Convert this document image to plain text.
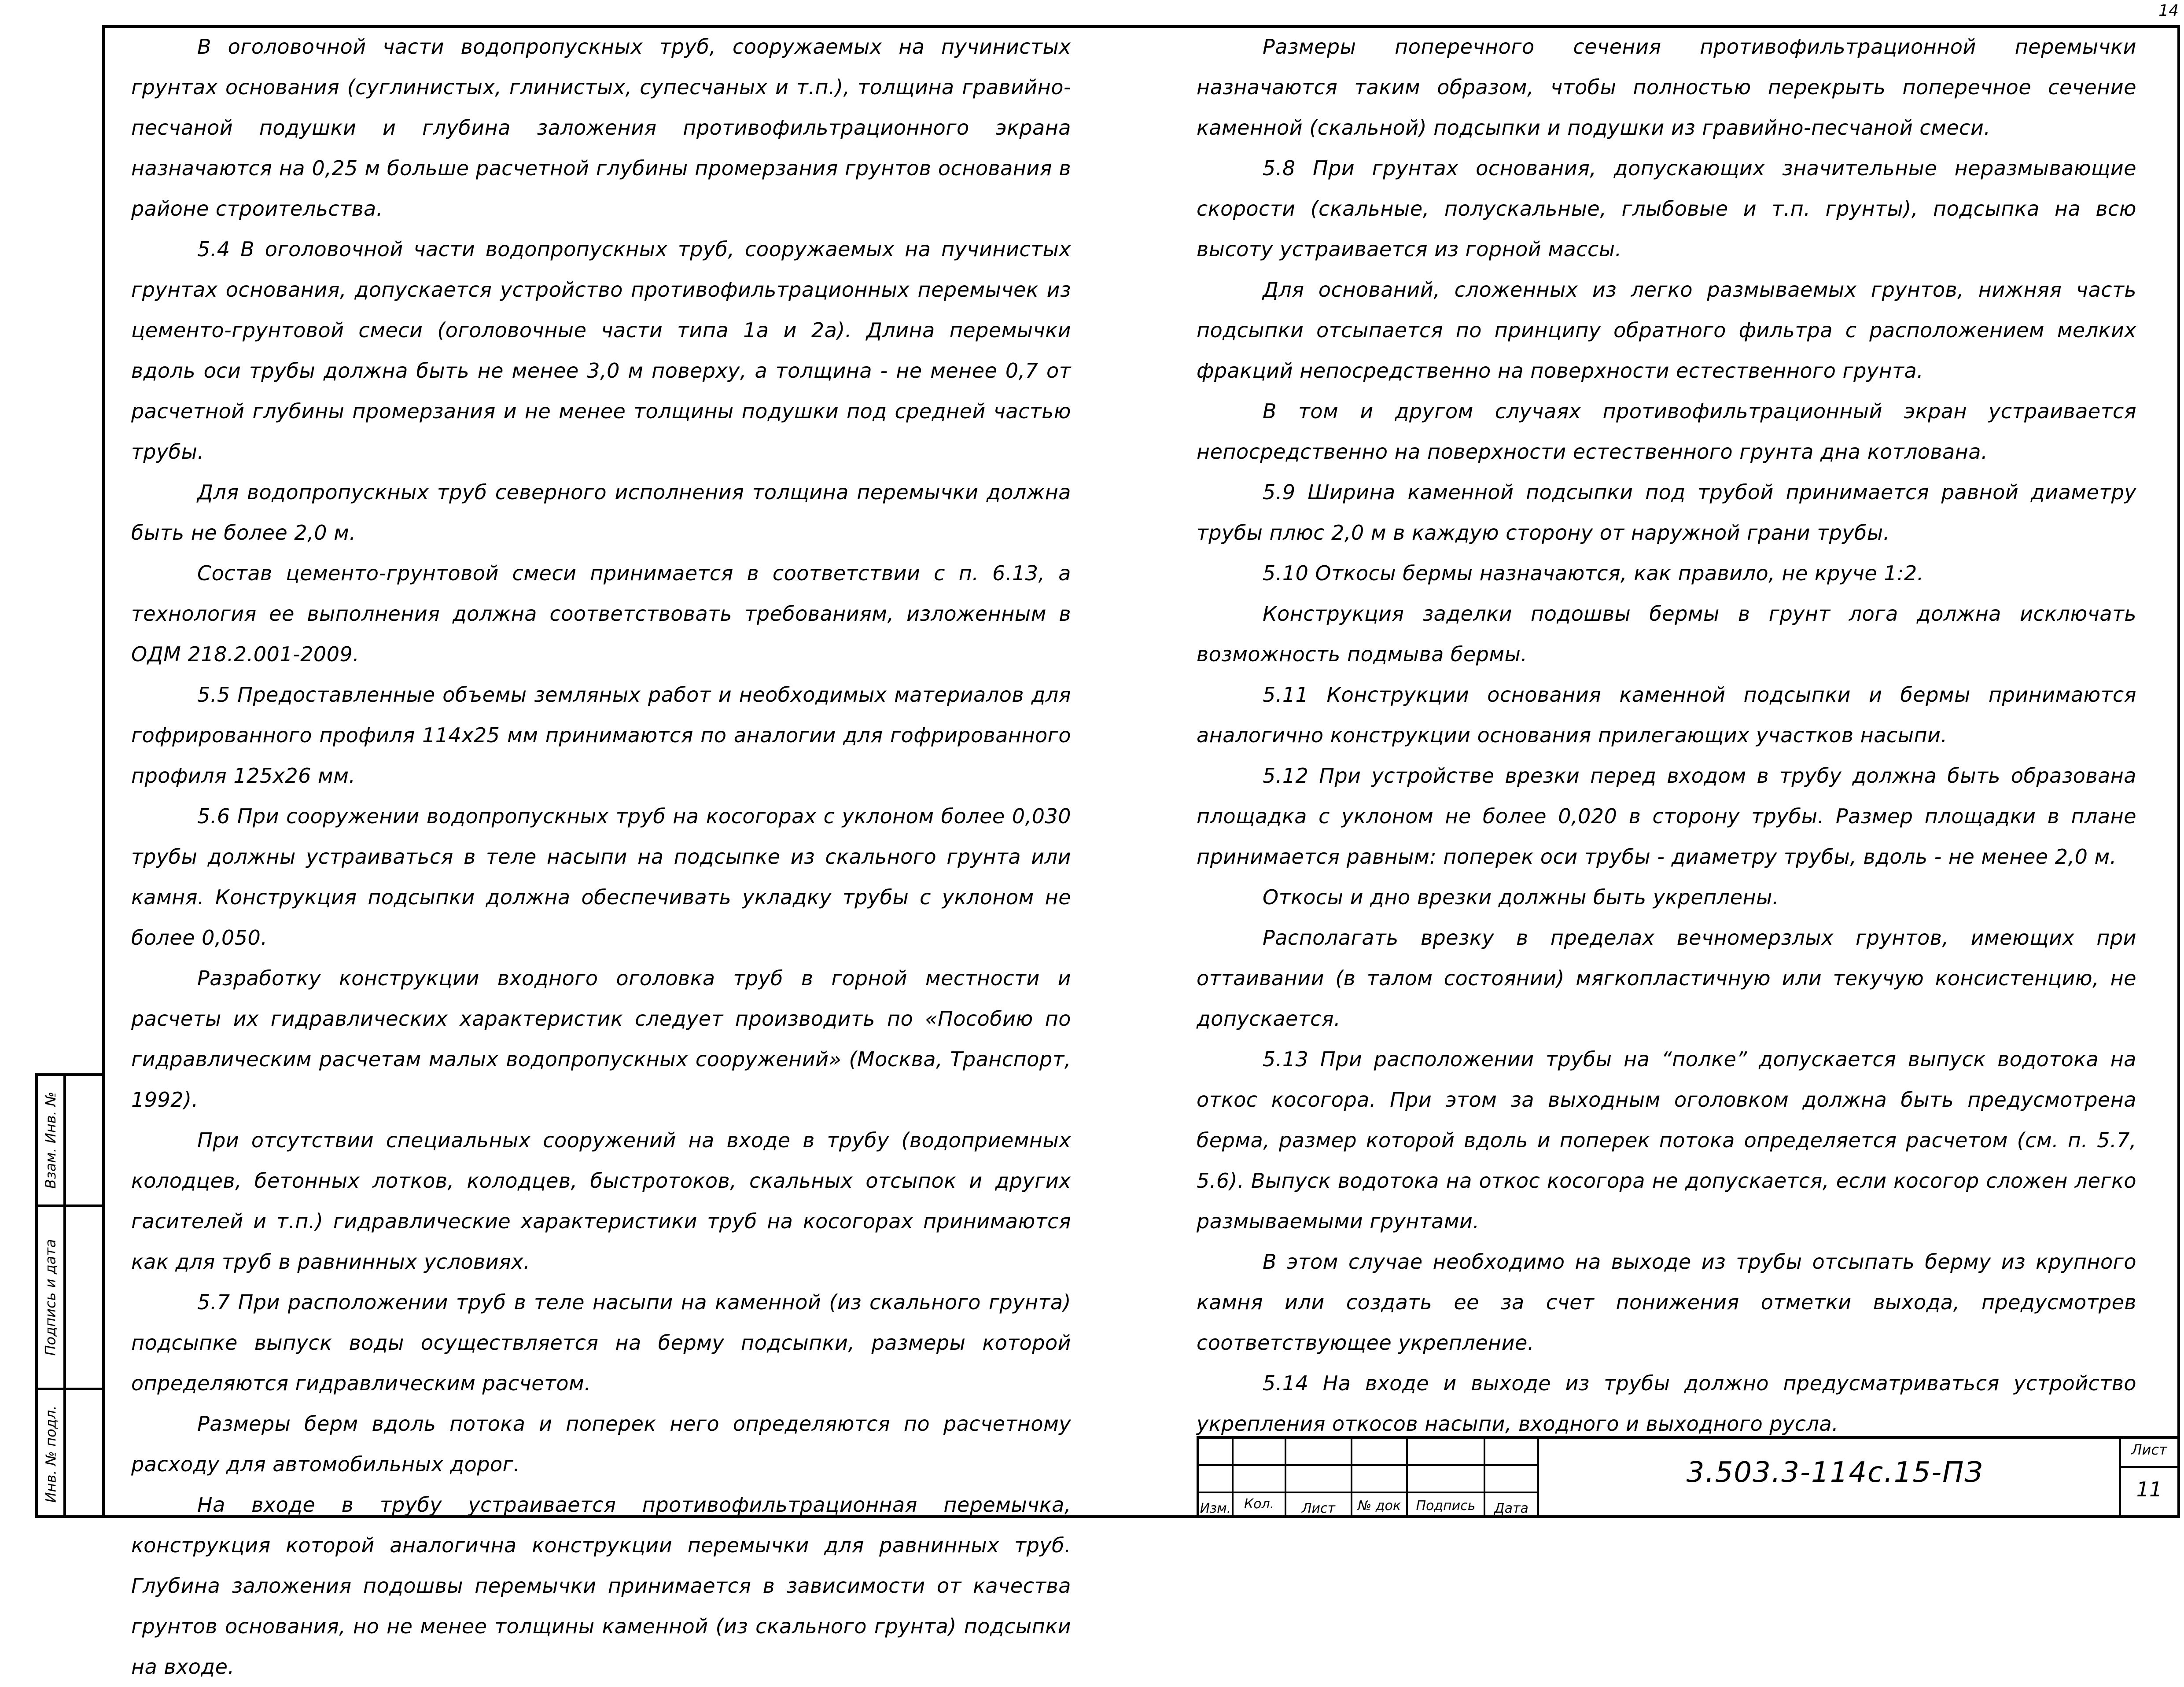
14

В оголовочной части водопропускных труб, сооружаемых на пучинистых грунтах основания (суглинистых, глинистых, супесчаных и т.п.), толщина гравийно-песчаной подушки и глубина заложения противофильтрационного экрана назначаются на 0,25 м больше расчетной глубины промерзания грунтов основания в районе строительства.

5.4 В оголовочной части водопропускных труб, сооружаемых на пучинистых грунтах основания, допускается устройство противофильтрационных перемычек из цементо-грунтовой смеси (оголовочные части типа 1а и 2а). Длина перемычки вдоль оси трубы должна быть не менее 3,0 м поверху, а толщина - не менее 0,7 от расчетной глубины промерзания и не менее толщины подушки под средней частью трубы.

Для водопропускных труб северного исполнения толщина перемычки должна быть не более 2,0 м.

Состав цементо-грунтовой смеси принимается в соответствии с п. 6.13, а технология ее выполнения должна соответствовать требованиям, изложенным в ОДМ 218.2.001-2009.

5.5 Предоставленные объемы земляных работ и необходимых материалов для гофрированного профиля 114х25 мм принимаются по аналогии для гофрированного профиля 125х26 мм.

5.6 При сооружении водопропускных труб на косогорах с уклоном более 0,030 трубы должны устраиваться в теле насыпи на подсыпке из скального грунта или камня. Конструкция подсыпки должна обеспечивать укладку трубы с уклоном не более 0,050.

Разработку конструкции входного оголовка труб в горной местности и расчеты их гидравлических характеристик следует производить по «Пособию по гидравлическим расчетам малых водопропускных сооружений» (Москва, Транспорт, 1992).

При отсутствии специальных сооружений на входе в трубу (водоприемных колодцев, бетонных лотков, колодцев, быстротоков, скальных отсыпок и других гасителей и т.п.) гидравлические характеристики труб на косогорах принимаются как для труб в равнинных условиях.

5.7 При расположении труб в теле насыпи на каменной (из скального грунта) подсыпке выпуск воды осуществляется на берму подсыпки, размеры которой определяются гидравлическим расчетом.

Размеры берм вдоль потока и поперек него определяются по расчетному расходу для автомобильных дорог.

На входе в трубу устраивается противофильтрационная перемычка, конструкция которой аналогична конструкции перемычки для равнинных труб. Глубина заложения подошвы перемычки принимается в зависимости от качества грунтов основания, но не менее толщины каменной (из скального грунта) подсыпки на входе.

Размеры поперечного сечения противофильтрационной перемычки назначаются таким образом, чтобы полностью перекрыть поперечное сечение каменной (скальной) подсыпки и подушки из гравийно-песчаной смеси.

5.8 При грунтах основания, допускающих значительные неразмывающие скорости (скальные, полускальные, глыбовые и т.п. грунты), подсыпка на всю высоту устраивается из горной массы.

Для оснований, сложенных из легко размываемых грунтов, нижняя часть подсыпки отсыпается по принципу обратного фильтра с расположением мелких фракций непосредственно на поверхности естественного грунта.

В том и другом случаях противофильтрационный экран устраивается непосредственно на поверхности естественного грунта дна котлована.

5.9 Ширина каменной подсыпки под трубой принимается равной диаметру трубы плюс 2,0 м в каждую сторону от наружной грани трубы.

5.10 Откосы бермы назначаются, как правило, не круче 1:2.

Конструкция заделки подошвы бермы в грунт лога должна исключать возможность подмыва бермы.

5.11 Конструкции основания каменной подсыпки и бермы принимаются аналогично конструкции основания прилегающих участков насыпи.

5.12 При устройстве врезки перед входом в трубу должна быть образована площадка с уклоном не более 0,020 в сторону трубы. Размер площадки в плане принимается равным: поперек оси трубы - диаметру трубы, вдоль - не менее 2,0 м.

Откосы и дно врезки должны быть укреплены.

Располагать врезку в пределах вечномерзлых грунтов, имеющих при оттаивании (в талом состоянии) мягкопластичную или текучую консистенцию, не допускается.

5.13 При расположении трубы на “полке” допускается выпуск водотока на откос косогора. При этом за выходным оголовком должна быть предусмотрена берма, размер которой вдоль и поперек потока определяется расчетом (см. п. 5.7, 5.6). Выпуск водотока на откос косогора не допускается, если косогор сложен легко размываемыми грунтами.

В этом случае необходимо на выходе из трубы отсыпать берму из крупного камня или создать ее за счет понижения отметки выхода, предусмотрев соответствующее укрепление.

5.14 На входе и выходе из трубы должно предусматриваться устройство укрепления откосов насыпи, входного и выходного русла.

Взам. Инв. №
Подпись и дата
Инв. № подл.
Изм. Кол.	Лист	№ док	Подпись	Дата
3.503.3-114с.15-ПЗ
Лист
11
